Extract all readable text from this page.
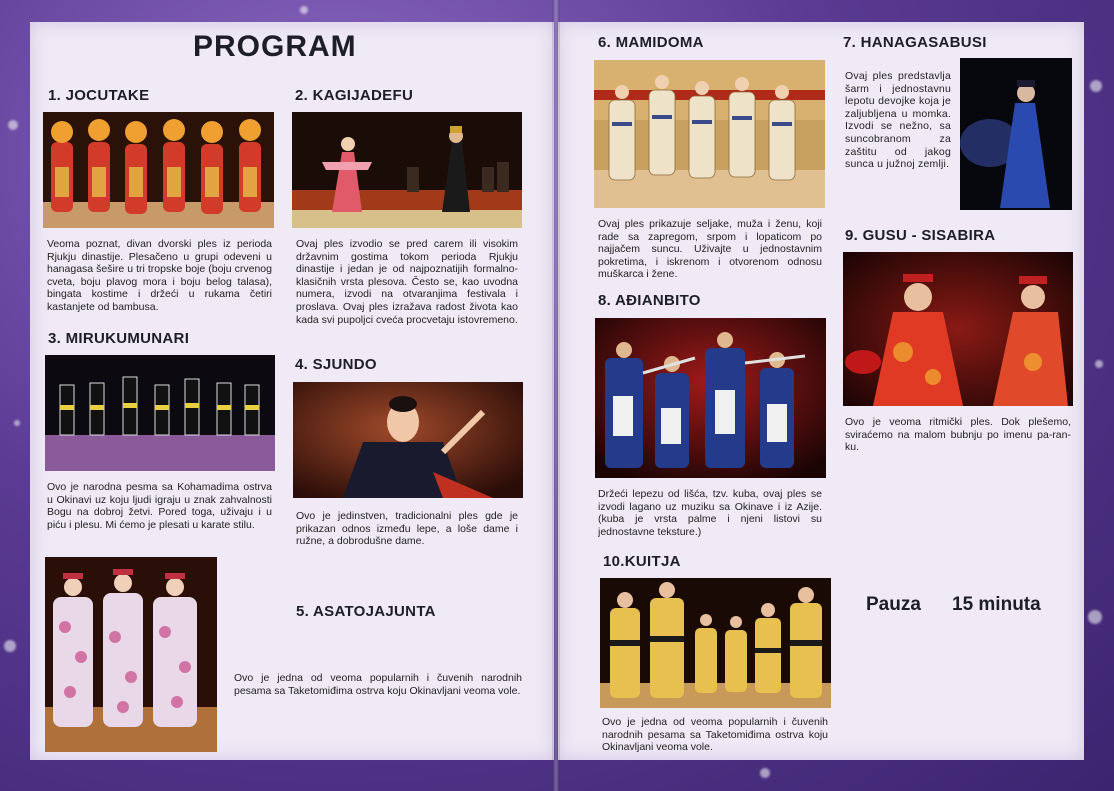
PROGRAM
1. JOCUTAKE
Veoma poznat, divan dvorski ples iz perioda Rjukju dinastije. Plesačeno u grupi odeveni u hanagasa šešire u tri tropske boje (boju crvenog cveta, boju plavog mora i boju belog talasa), bingata kostime i držeći u rukama četiri kastanjete od bambusa.
2. KAGIJADEFU
Ovaj ples izvodio se pred carem ili visokim državnim gostima tokom perioda Rjukju dinastije i jedan je od najpoznatijih formalno-klasičnih vrsta plesova. Često se, kao uvodna numera, izvodi na otvaranjima festivala i proslava. Ovaj ples izražava radost života kao kada svi pupoljci cveća procvetaju istovremeno.
3. MIRUKUMUNARI
Ovo je narodna pesma sa Kohamadima ostrva u Okinavi uz koju ljudi igraju u znak zahvalnosti Bogu na dobroj žetvi. Pored toga, uživaju i u piću i plesu. Mi ćemo je plesati u karate stilu.
4. SJUNDO
Ovo je jedinstven, tradicionalni ples gde je prikazan odnos između lepe, a loše dame i ružne, a dobrodušne dame.
5. ASATOJAJUNTA
Ovo je jedna od veoma popularnih i čuvenih narodnih pesama sa Taketomiđima ostrva koju Okinavljani veoma vole.
6. MAMIDOMA
Ovaj ples prikazuje seljake, muža i ženu, koji rade sa zapregom, srpom i lopaticom po najjačem suncu. Uživajte u jednostavnim pokretima, i iskrenom i otvorenom odnosu muškarca i žene.
7. HANAGASABUSI
Ovaj ples predstavlja šarm i jednostavnu lepotu devojke koja je zaljubljena u momka. Izvodi se nežno, sa suncobranom za zaštitu od jakog sunca u južnoj zemlji.
8. AĐIANBITO
Držeći lepezu od lišća, tzv. kuba, ovaj ples se izvodi lagano uz muziku sa Okinave i iz Azije. (kuba je vrsta palme i njeni listovi su jednostavne teksture.)
9. GUSU - SISABIRA
Ovo je veoma ritmički ples. Dok plešemo, sviraćemo na malom bubnju po imenu pa-ran-ku.
10.KUITJA
Ovo je jedna od veoma popularnih i čuvenih narodnih pesama sa Taketomiđima ostrva koju Okinavljani veoma vole.
Pauza 15 minuta
